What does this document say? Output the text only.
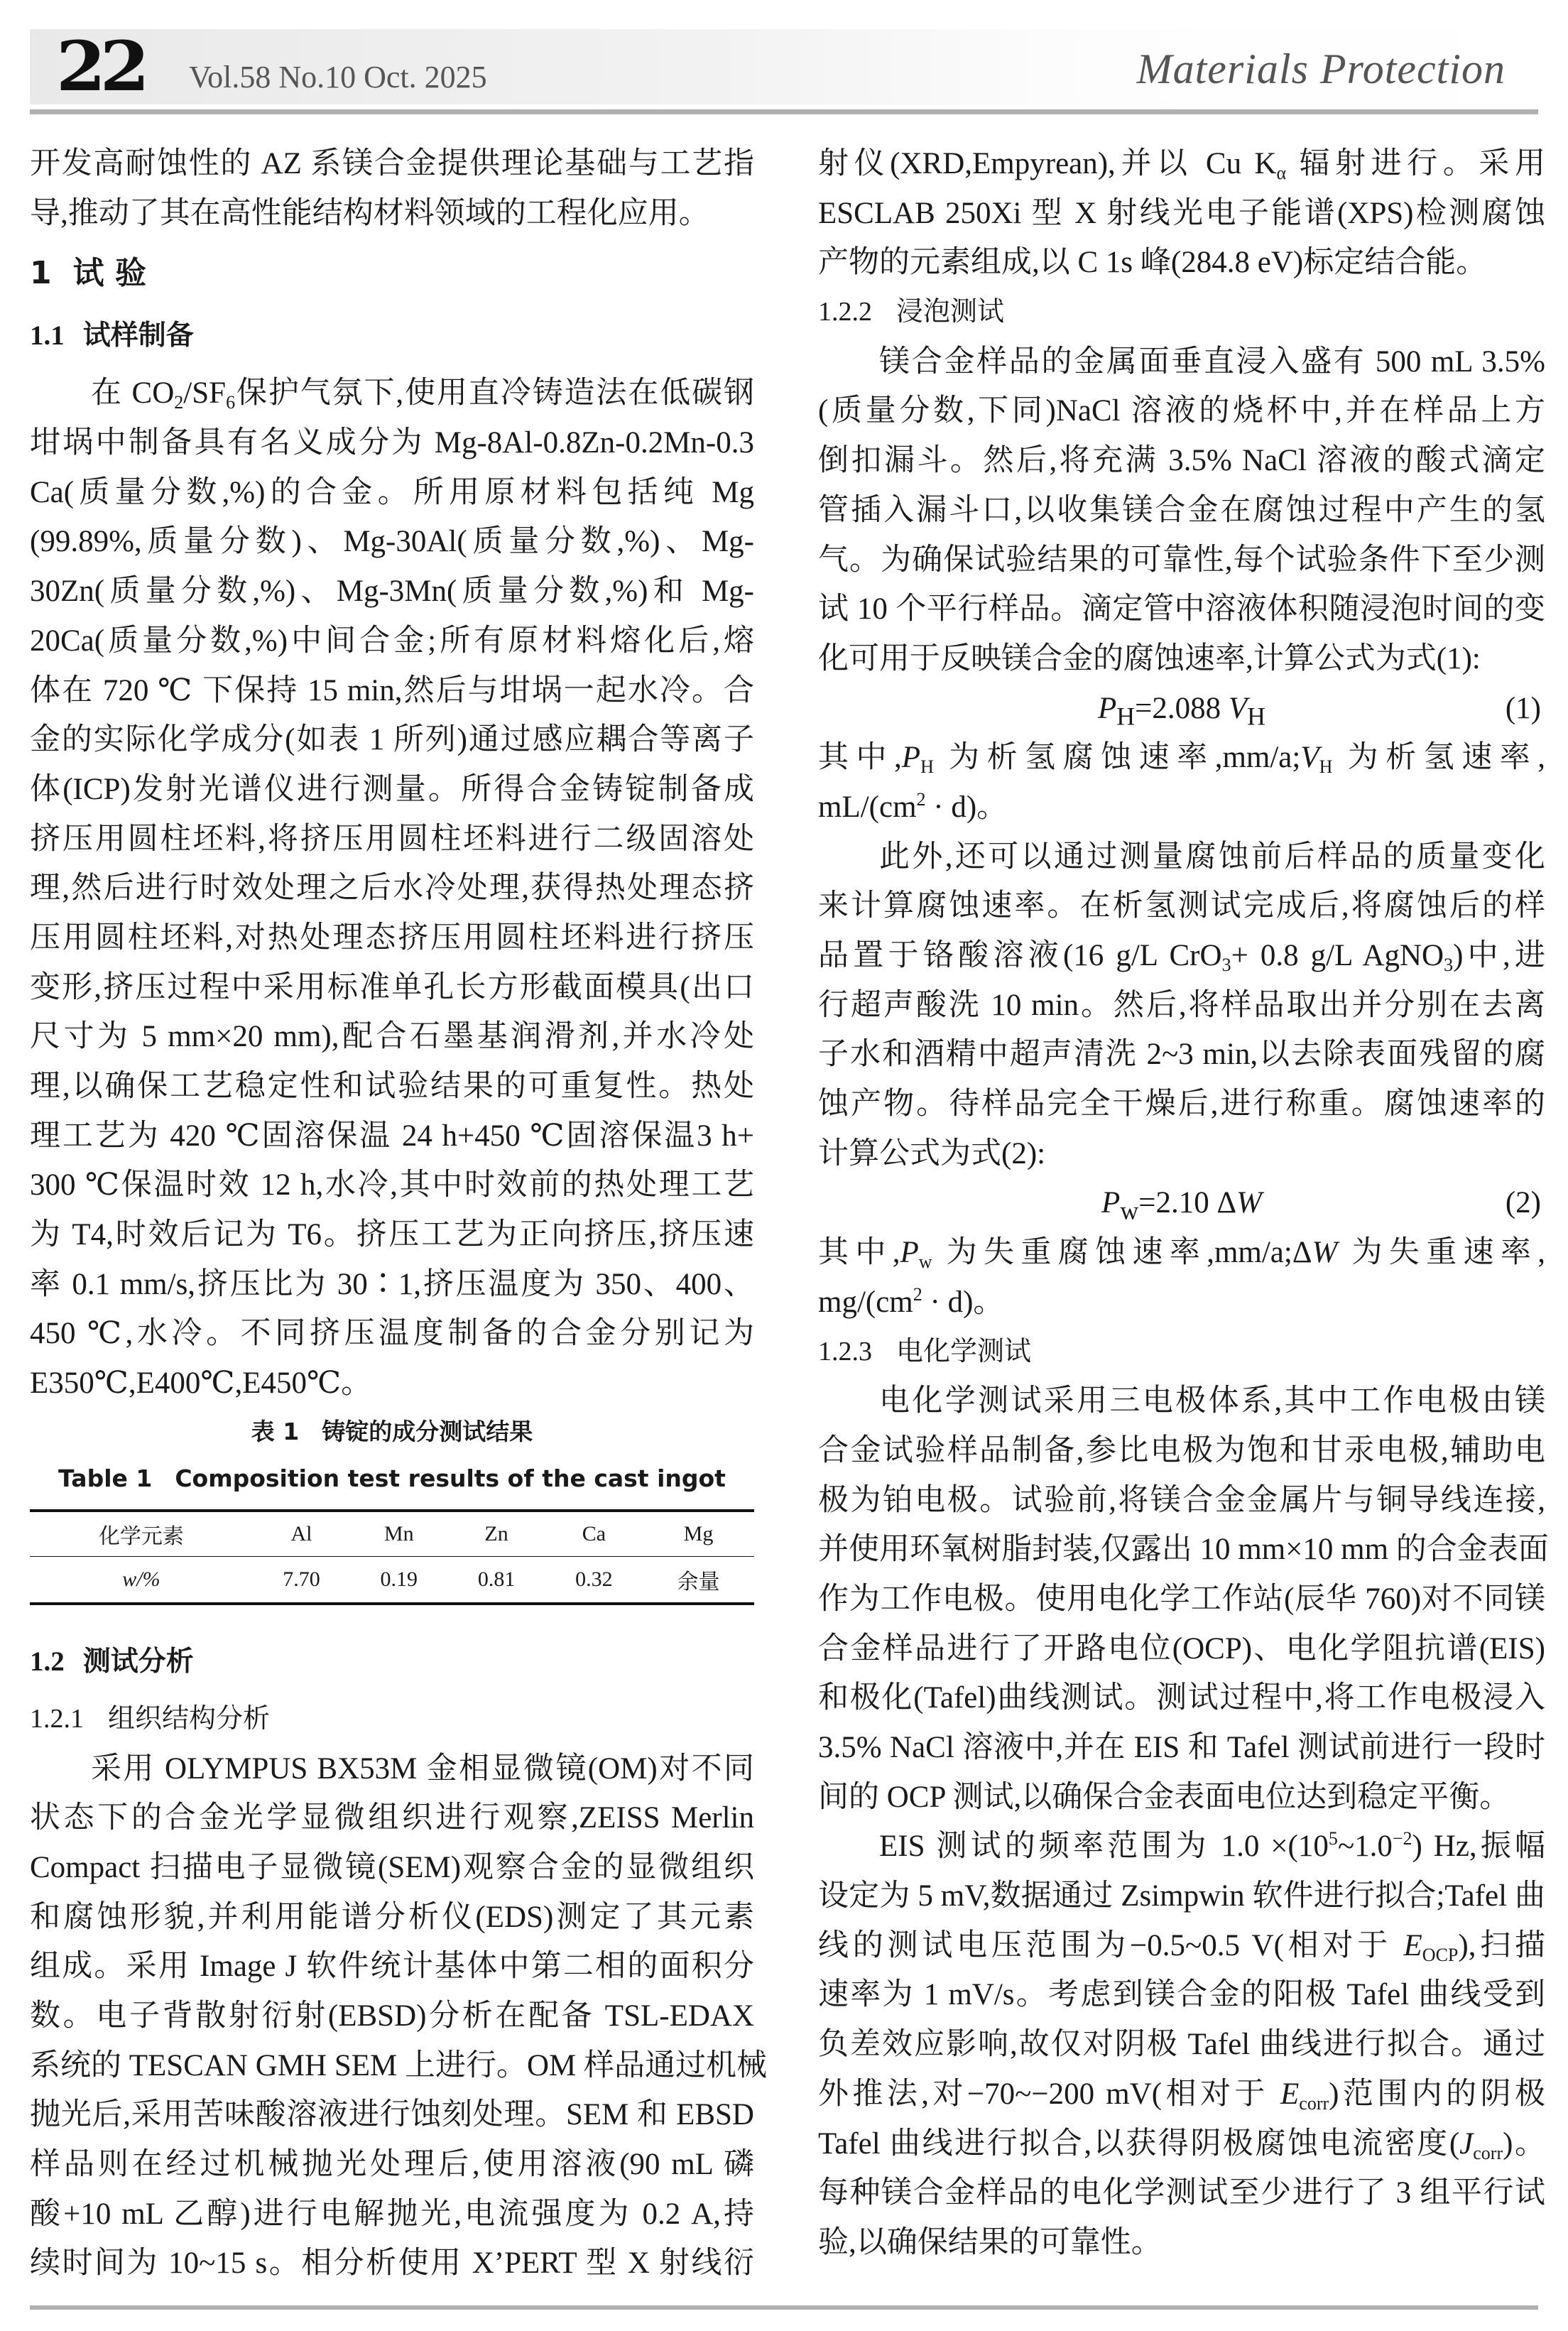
22 Vol.58 No.10 Oct. 2025	Materials Protection
开发高耐蚀性的 AZ 系镁合金提供理论基础与工艺指
导,推动了其在高性能结构材料领域的工程化应用。
1 试 验
1.1 试样制备
在 $CO_2/SF_6$保护气氛下,使用直冷铸造法在低碳钢
坩埚中制备具有名义成分为 Mg-8Al-0.8Zn-0.2Mn-0.3
Ca(质量分数,%)的合金。所用原材料包括纯 Mg
(99.89%,质量分数)、Mg-30Al(质量分数,%)、Mg-
30Zn(质量分数,%)、Mg-3Mn(质量分数,%)和 Mg-
20Ca(质量分数,%)中间合金;所有原材料熔化后,熔
体在 720 ℃ 下保持 15 min,然后与坩埚一起水冷。合
金的实际化学成分(如表 1 所列)通过感应耦合等离子
体(ICP)发射光谱仪进行测量。所得合金铸锭制备成
挤压用圆柱坯料,将挤压用圆柱坯料进行二级固溶处
理,然后进行时效处理之后水冷处理,获得热处理态挤
压用圆柱坯料,对热处理态挤压用圆柱坯料进行挤压
变形,挤压过程中采用标准单孔长方形截面模具(出口
尺寸为 5 mm×20 mm),配合石墨基润滑剂,并水冷处
理,以确保工艺稳定性和试验结果的可重复性。热处
理工艺为 420 ℃固溶保温 24 h+450 ℃固溶保温3 h+
300 ℃保温时效 12 h,水冷,其中时效前的热处理工艺
为 T4,时效后记为 T6。挤压工艺为正向挤压,挤压速
率 0.1 mm/s,挤压比为 30∶1,挤压温度为 350、400、
450 ℃,水冷。不同挤压温度制备的合金分别记为
E350℃,E400℃,E450℃。
表 1 铸锭的成分测试结果
Table 1 Composition test results of the cast ingot
化学元素	Al	Mn	Zn	Ca	Mg
w/%	7.70	0.19	0.81	0.32	余量
1.2 测试分析
1.2.1 组织结构分析
采用 OLYMPUS BX53M 金相显微镜(OM)对不同
状态下的合金光学显微组织进行观察,ZEISS Merlin
Compact 扫描电子显微镜(SEM)观察合金的显微组织
和腐蚀形貌,并利用能谱分析仪(EDS)测定了其元素
组成。采用 Image J 软件统计基体中第二相的面积分
数。电子背散射衍射(EBSD)分析在配备 TSL-EDAX
系统的 TESCAN GMH SEM 上进行。OM 样品通过机械
抛光后,采用苦味酸溶液进行蚀刻处理。SEM 和 EBSD
样品则在经过机械抛光处理后,使用溶液(90 mL 磷
酸+10 mL 乙醇)进行电解抛光,电流强度为 0.2 A,持
续时间为 10~15 s。相分析使用 X’PERT 型 X 射线衍
射仪(XRD,Empyrean),并以 Cu $K_\alpha$ 辐射进行。采用
ESCLAB 250Xi 型 X 射线光电子能谱(XPS)检测腐蚀
产物的元素组成,以 C 1s 峰(284.8 eV)标定结合能。
1.2.2 浸泡测试
镁合金样品的金属面垂直浸入盛有 500 mL 3.5%
(质量分数,下同)NaCl 溶液的烧杯中,并在样品上方
倒扣漏斗。然后,将充满 3.5% NaCl 溶液的酸式滴定
管插入漏斗口,以收集镁合金在腐蚀过程中产生的氢
气。为确保试验结果的可靠性,每个试验条件下至少测
试 10 个平行样品。滴定管中溶液体积随浸泡时间的变
化可用于反映镁合金的腐蚀速率,计算公式为式(1):
$P_H=2.088$ $V_H$	(1)
其中$,P_H$ 为析氢腐蚀速率$,mm/a;V_H$ 为析氢速率,
$mL/(cm^2 \cdot d)$。
此外,还可以通过测量腐蚀前后样品的质量变化
来计算腐蚀速率。在析氢测试完成后,将腐蚀后的样
品置于铬酸溶液(16 g/L CrO$_3$+ 0.8 g/L AgNO$_3$)中,进
行超声酸洗 10 min。然后,将样品取出并分别在去离
子水和酒精中超声清洗 2~3 min,以去除表面残留的腐
蚀产物。待样品完全干燥后,进行称重。腐蚀速率的
计算公式为式(2):
$P_w=2.10$ ΔW	(2)
其中$,P_w$ 为失重腐蚀速率,mm/a;ΔW 为失重速率,
$mg/(cm^2 \cdot d)$。
1.2.3 电化学测试
电化学测试采用三电极体系,其中工作电极由镁
合金试验样品制备,参比电极为饱和甘汞电极,辅助电
极为铂电极。试验前,将镁合金金属片与铜导线连接,
并使用环氧树脂封装,仅露出 10 mm×10 mm 的合金表面
作为工作电极。使用电化学工作站(辰华 760)对不同镁
合金样品进行了开路电位(OCP)、电化学阻抗谱(EIS)
和极化(Tafel)曲线测试。测试过程中,将工作电极浸入
3.5% NaCl 溶液中,并在 EIS 和 Tafel 测试前进行一段时
间的 OCP 测试,以确保合金表面电位达到稳定平衡。
EIS 测试的频率范围为 $1.0 \times(10^5\sim 1.0^{-2})$ Hz,振幅
设定为 5 mV,数据通过 Zsimpwin 软件进行拟合;Tafel 曲
线的测试电压范围为−0.5~0.5 V(相对于 $E_{OCP}$),扫描
速率为 1 mV/s。考虑到镁合金的阳极 Tafel 曲线受到
负差效应影响,故仅对阴极 Tafel 曲线进行拟合。通过
外推法,对−70~−200 mV(相对于 $E_{corr}$)范围内的阴极
Tafel 曲线进行拟合,以获得阴极腐蚀电流密度$(J_{corr})$。
每种镁合金样品的电化学测试至少进行了 3 组平行试
验,以确保结果的可靠性。
